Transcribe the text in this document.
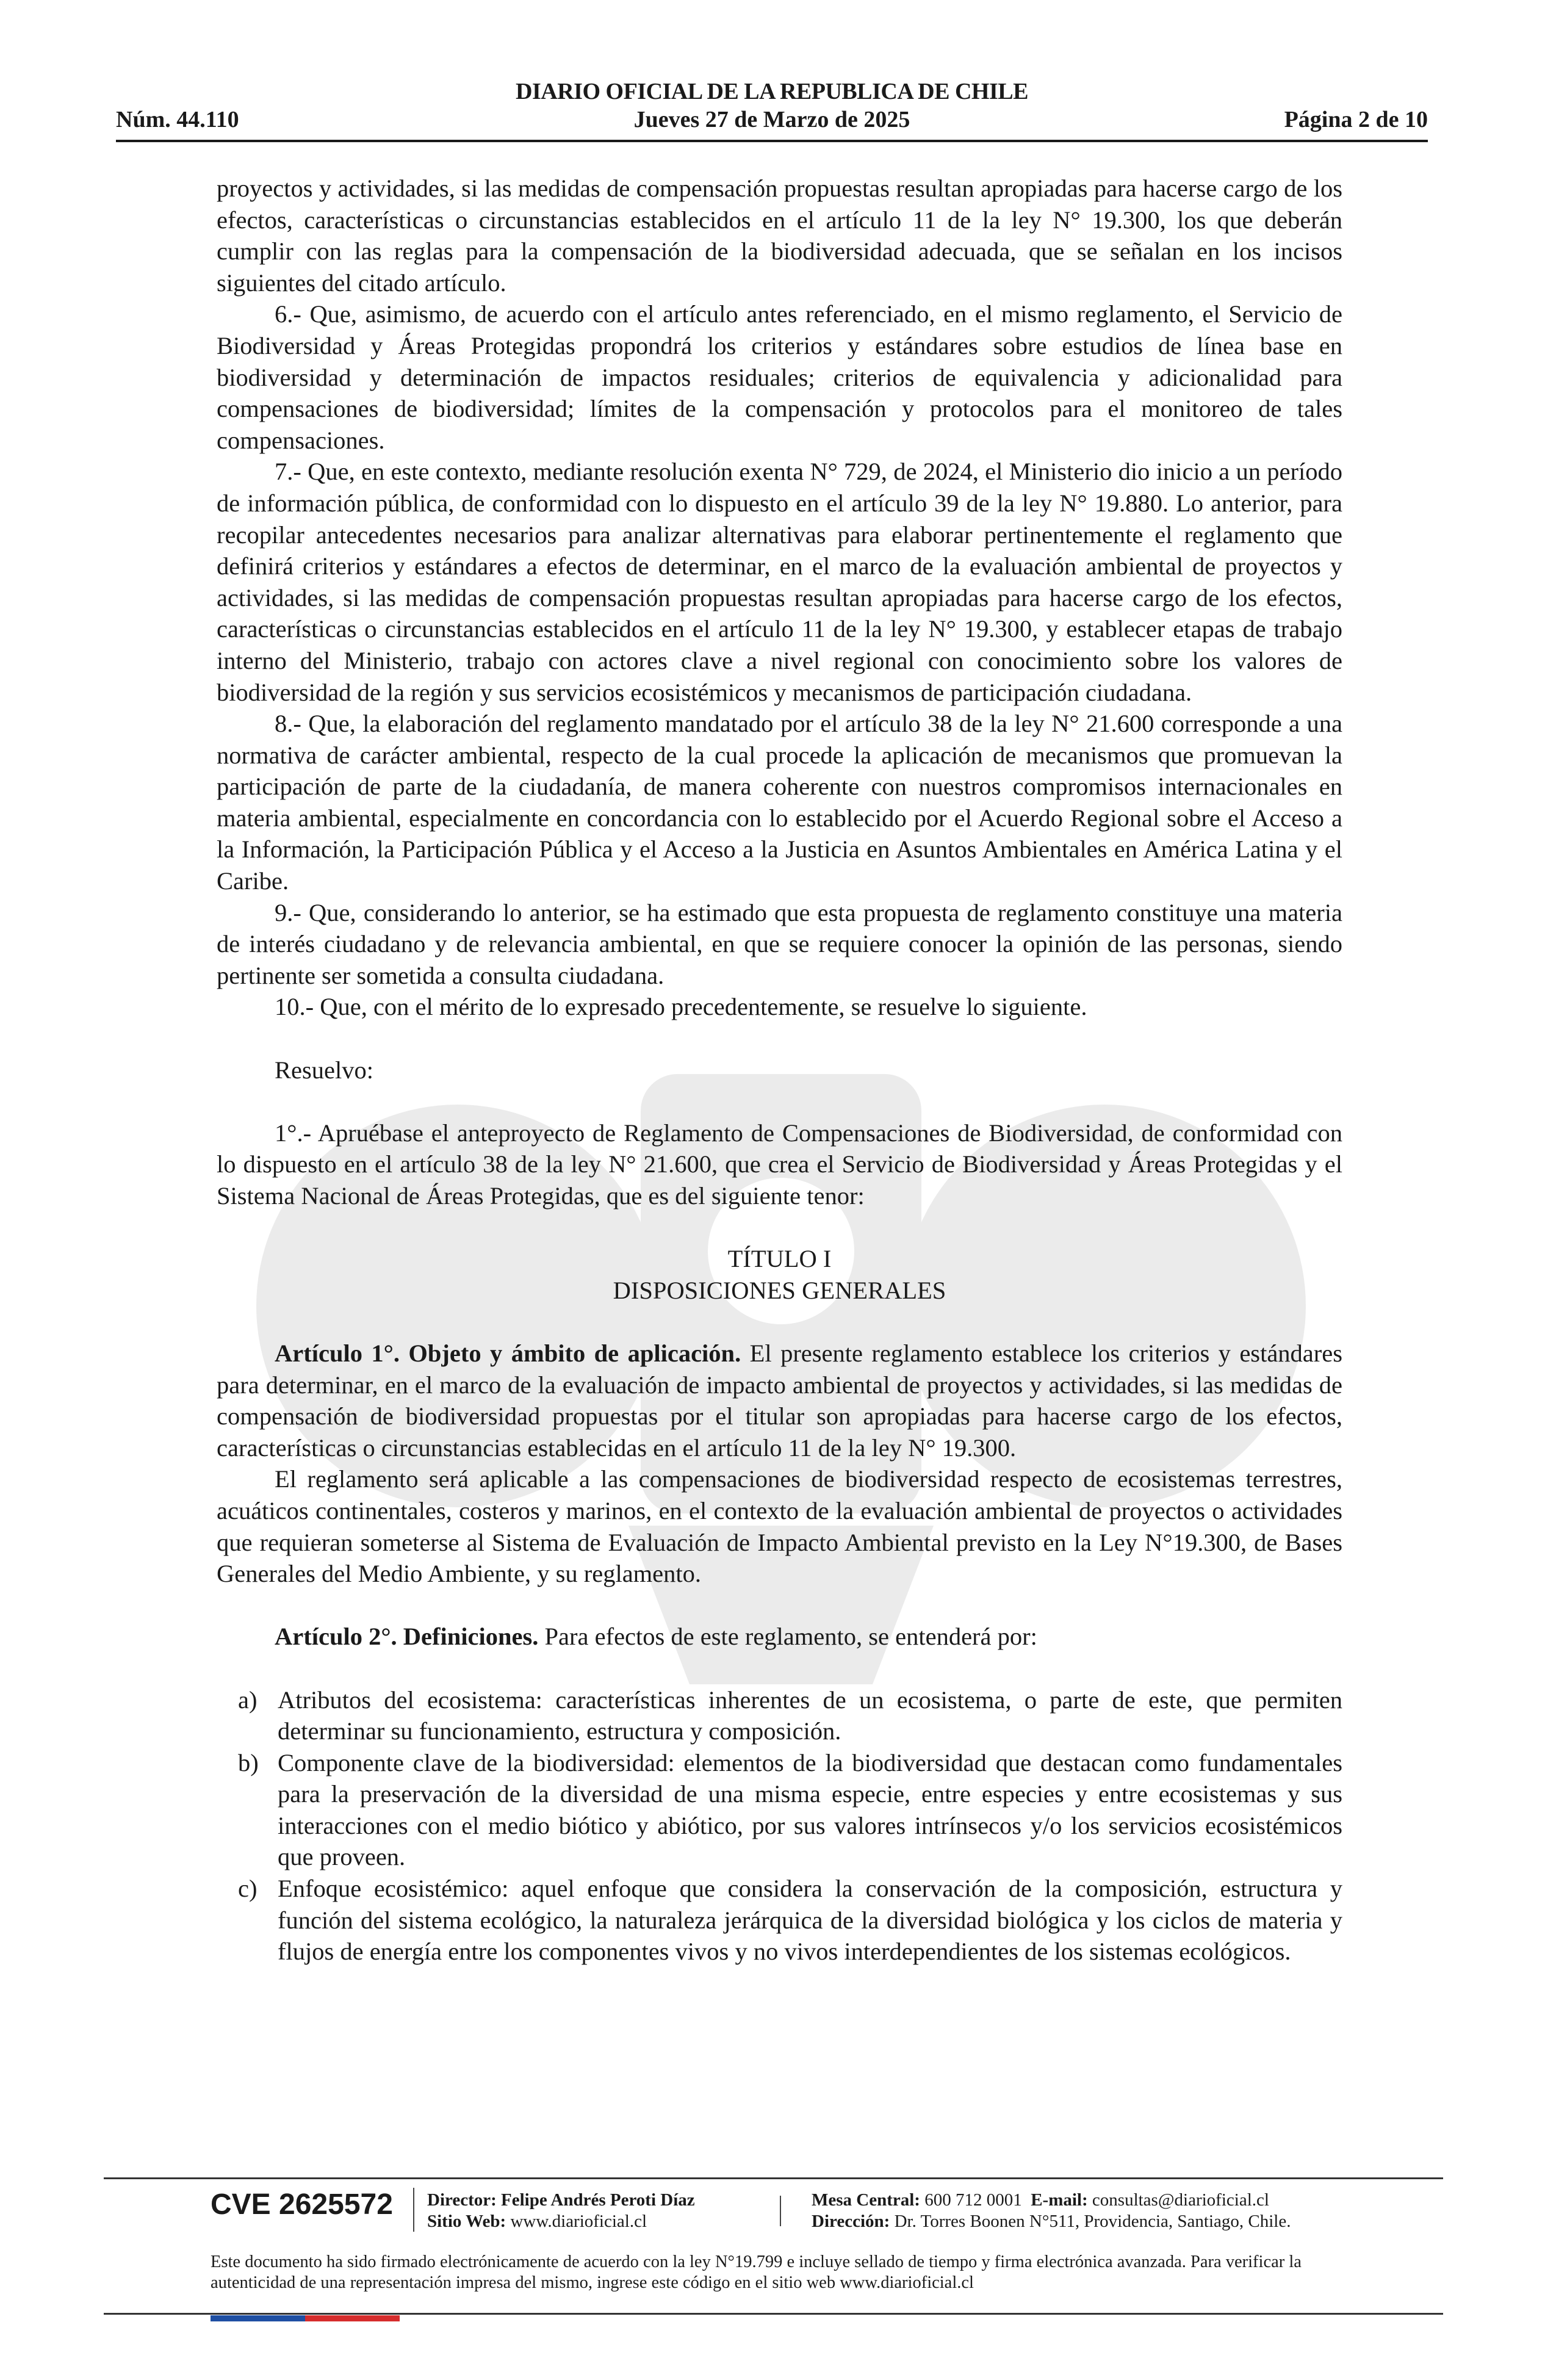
DIARIO OFICIAL DE LA REPUBLICA DE CHILE
Núm. 44.110	Jueves 27 de Marzo de 2025	Página 2 de 10

proyectos y actividades, si las medidas de compensación propuestas resultan apropiadas para hacerse cargo de los efectos, características o circunstancias establecidos en el artículo 11 de la ley N° 19.300, los que deberán cumplir con las reglas para la compensación de la biodiversidad adecuada, que se señalan en los incisos siguientes del citado artículo.

6.- Que, asimismo, de acuerdo con el artículo antes referenciado, en el mismo reglamento, el Servicio de Biodiversidad y Áreas Protegidas propondrá los criterios y estándares sobre estudios de línea base en biodiversidad y determinación de impactos residuales; criterios de equivalencia y adicionalidad para compensaciones de biodiversidad; límites de la compensación y protocolos para el monitoreo de tales compensaciones.

7.- Que, en este contexto, mediante resolución exenta N° 729, de 2024, el Ministerio dio inicio a un período de información pública, de conformidad con lo dispuesto en el artículo 39 de la ley N° 19.880. Lo anterior, para recopilar antecedentes necesarios para analizar alternativas para elaborar pertinentemente el reglamento que definirá criterios y estándares a efectos de determinar, en el marco de la evaluación ambiental de proyectos y actividades, si las medidas de compensación propuestas resultan apropiadas para hacerse cargo de los efectos, características o circunstancias establecidos en el artículo 11 de la ley N° 19.300, y establecer etapas de trabajo interno del Ministerio, trabajo con actores clave a nivel regional con conocimiento sobre los valores de biodiversidad de la región y sus servicios ecosistémicos y mecanismos de participación ciudadana.

8.- Que, la elaboración del reglamento mandatado por el artículo 38 de la ley N° 21.600 corresponde a una normativa de carácter ambiental, respecto de la cual procede la aplicación de mecanismos que promuevan la participación de parte de la ciudadanía, de manera coherente con nuestros compromisos internacionales en materia ambiental, especialmente en concordancia con lo establecido por el Acuerdo Regional sobre el Acceso a la Información, la Participación Pública y el Acceso a la Justicia en Asuntos Ambientales en América Latina y el Caribe.

9.- Que, considerando lo anterior, se ha estimado que esta propuesta de reglamento constituye una materia de interés ciudadano y de relevancia ambiental, en que se requiere conocer la opinión de las personas, siendo pertinente ser sometida a consulta ciudadana.

10.- Que, con el mérito de lo expresado precedentemente, se resuelve lo siguiente.

Resuelvo:

1°.- Apruébase el anteproyecto de Reglamento de Compensaciones de Biodiversidad, de conformidad con lo dispuesto en el artículo 38 de la ley N° 21.600, que crea el Servicio de Biodiversidad y Áreas Protegidas y el Sistema Nacional de Áreas Protegidas, que es del siguiente tenor:

TÍTULO I

DISPOSICIONES GENERALES

Artículo 1°. Objeto y ámbito de aplicación. El presente reglamento establece los criterios y estándares para determinar, en el marco de la evaluación de impacto ambiental de proyectos y actividades, si las medidas de compensación de biodiversidad propuestas por el titular son apropiadas para hacerse cargo de los efectos, características o circunstancias establecidas en el artículo 11 de la ley N° 19.300.

El reglamento será aplicable a las compensaciones de biodiversidad respecto de ecosistemas terrestres, acuáticos continentales, costeros y marinos, en el contexto de la evaluación ambiental de proyectos o actividades que requieran someterse al Sistema de Evaluación de Impacto Ambiental previsto en la Ley N°19.300, de Bases Generales del Medio Ambiente, y su reglamento.

Artículo 2°. Definiciones. Para efectos de este reglamento, se entenderá por:

a) Atributos del ecosistema: características inherentes de un ecosistema, o parte de este, que permiten determinar su funcionamiento, estructura y composición.
b) Componente clave de la biodiversidad: elementos de la biodiversidad que destacan como fundamentales para la preservación de la diversidad de una misma especie, entre especies y entre ecosistemas y sus interacciones con el medio biótico y abiótico, por sus valores intrínsecos y/o los servicios ecosistémicos que proveen.
c) Enfoque ecosistémico: aquel enfoque que considera la conservación de la composición, estructura y función del sistema ecológico, la naturaleza jerárquica de la diversidad biológica y los ciclos de materia y flujos de energía entre los componentes vivos y no vivos interdependientes de los sistemas ecológicos.
CVE 2625572 Director: Felipe Andrés Peroti Díaz
Sitio Web: www.diarioficial.cl
Mesa Central: 600 712 0001 E-mail: consultas@diarioficial.cl
Dirección: Dr. Torres Boonen N°511, Providencia, Santiago, Chile.
Este documento ha sido firmado electrónicamente de acuerdo con la ley N°19.799 e incluye sellado de tiempo y firma electrónica avanzada. Para verificar la autenticidad de una representación impresa del mismo, ingrese este código en el sitio web www.diarioficial.cl
